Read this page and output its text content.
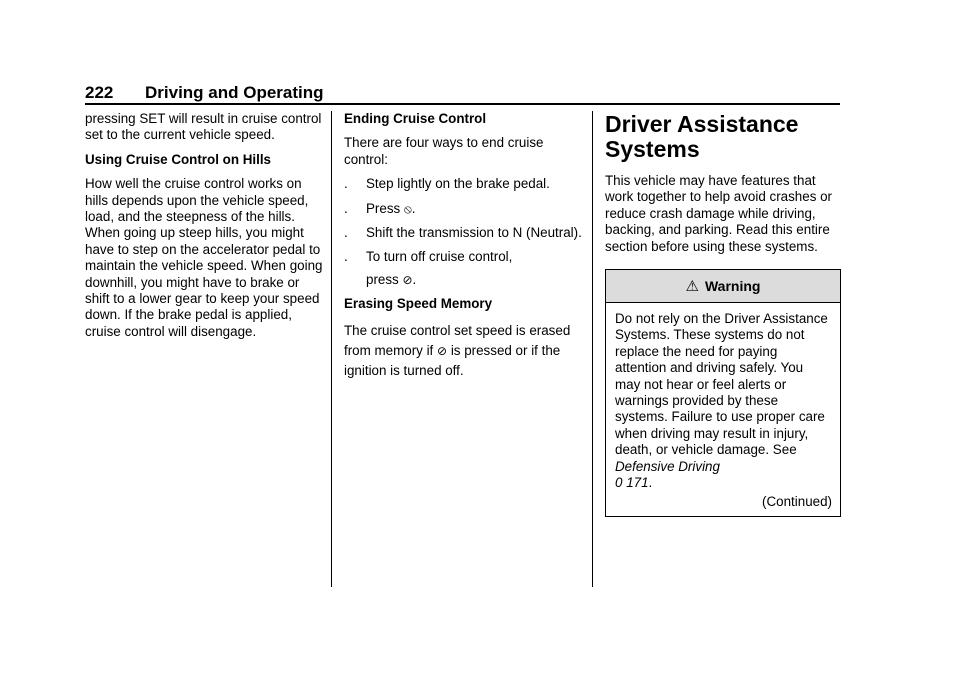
222 Driving and Operating

pressing SET will result in cruise control set to the current vehicle speed.

Using Cruise Control on Hills

How well the cruise control works on hills depends upon the vehicle speed, load, and the steepness of the hills. When going up steep hills, you might have to step on the accelerator pedal to maintain the vehicle speed. When going downhill, you might have to brake or shift to a lower gear to keep your speed down. If the brake pedal is applied, cruise control will disengage.

Ending Cruise Control

There are four ways to end cruise control:

.	Step lightly on the brake pedal.
.	Press ⦸.
.	Shift the transmission to N (Neutral).
.	To turn off cruise control,
press ⊘.

Erasing Speed Memory

The cruise control set speed is erased from memory if ⊘ is pressed or if the ignition is turned off.

Driver Assistance
Systems

This vehicle may have features that work together to help avoid crashes or reduce crash damage while driving, backing, and parking. Read this entire section before using these systems.

⚠ Warning

Do not rely on the Driver Assistance Systems. These systems do not replace the need for paying attention and driving safely. You may not hear or feel alerts or warnings provided by these systems. Failure to use proper care when driving may result in injury, death, or vehicle damage. See Defensive Driving
0 171.

(Continued)
